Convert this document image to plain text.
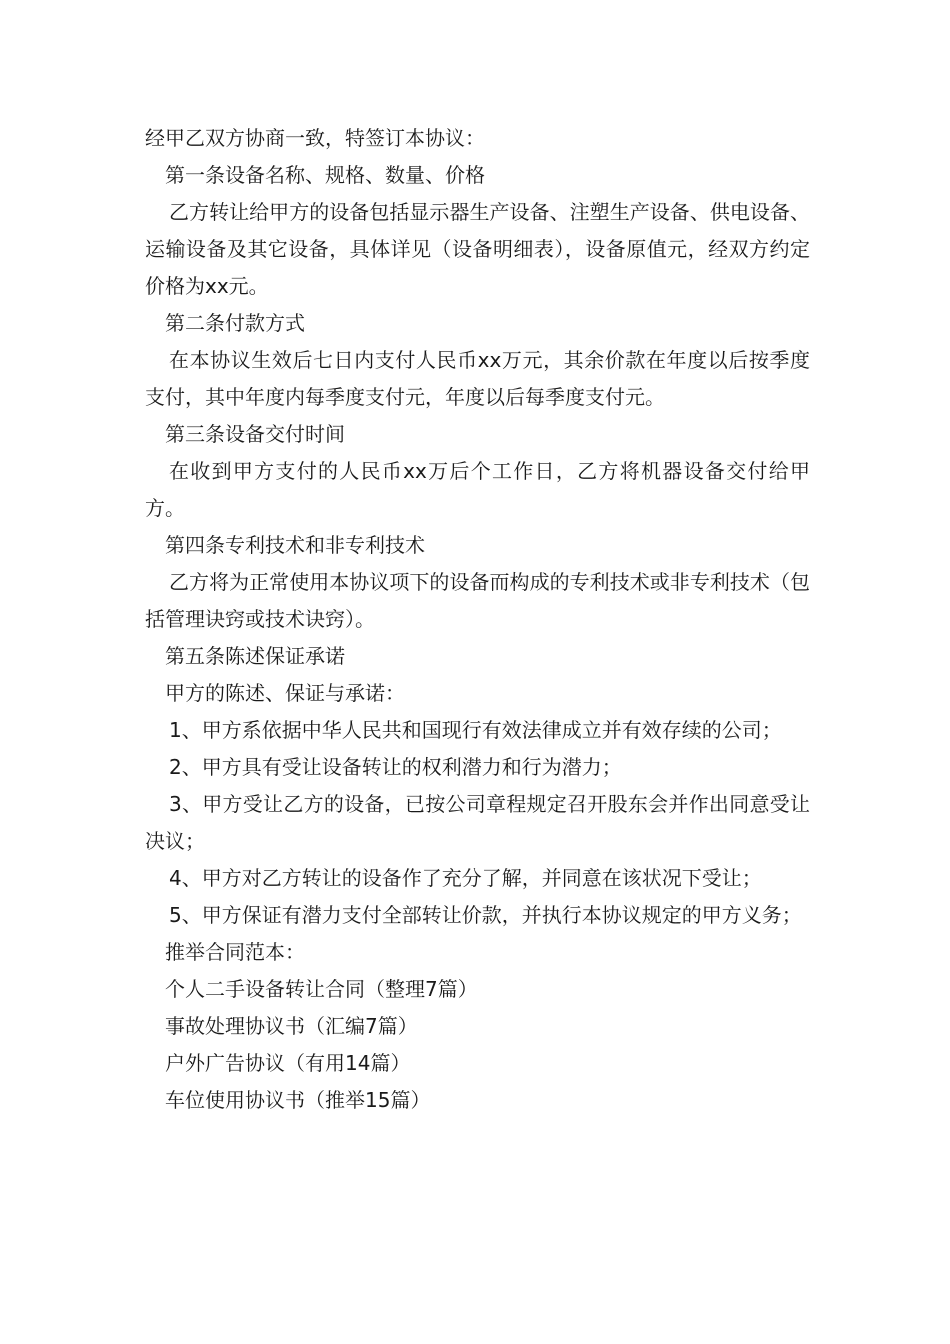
经甲乙双方协商一致，特签订本协议：

第一条设备名称、规格、数量、价格

乙方转让给甲方的设备包括显示器生产设备、注塑生产设备、供电设备、运输设备及其它设备，具体详见（设备明细表），设备原值元，经双方约定价格为xx元。

第二条付款方式

在本协议生效后七日内支付人民币xx万元，其余价款在年度以后按季度支付，其中年度内每季度支付元，年度以后每季度支付元。

第三条设备交付时间

在收到甲方支付的人民币xx万后个工作日，乙方将机器设备交付给甲方。

第四条专利技术和非专利技术

乙方将为正常使用本协议项下的设备而构成的专利技术或非专利技术（包括管理诀窍或技术诀窍）。

第五条陈述保证承诺

甲方的陈述、保证与承诺：

1、甲方系依据中华人民共和国现行有效法律成立并有效存续的公司；

2、甲方具有受让设备转让的权利潜力和行为潜力；

3、甲方受让乙方的设备，已按公司章程规定召开股东会并作出同意受让决议；

4、甲方对乙方转让的设备作了充分了解，并同意在该状况下受让；

5、甲方保证有潜力支付全部转让价款，并执行本协议规定的甲方义务；

推举合同范本：

个人二手设备转让合同（整理7篇）

事故处理协议书（汇编7篇）

户外广告协议（有用14篇）

车位使用协议书（推举15篇）
